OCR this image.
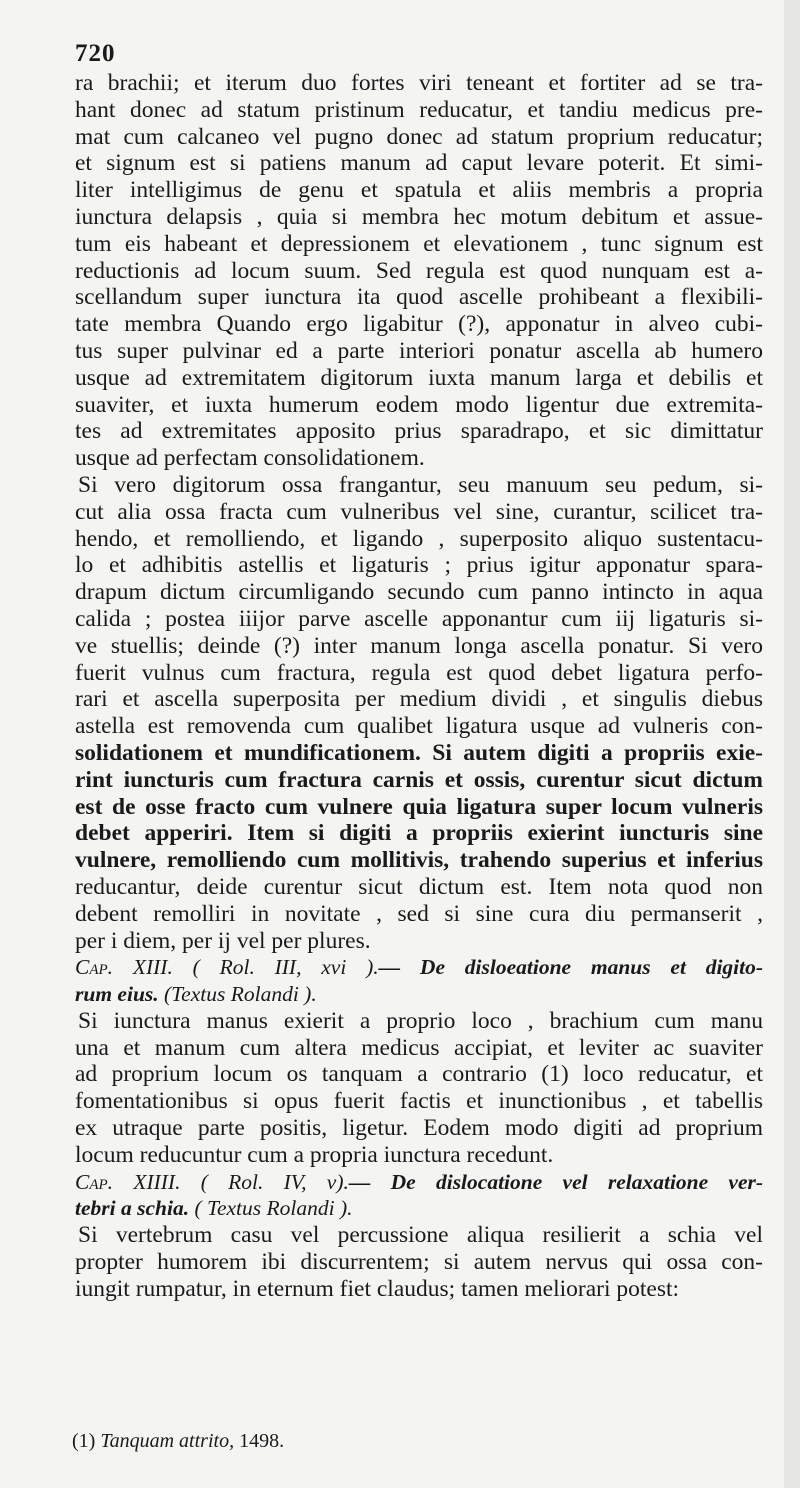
720
ra brachii; et iterum duo fortes viri teneant et fortiter ad se tra-
hant donec ad statum pristinum reducatur, et tandiu medicus pre-
mat cum calcaneo vel pugno donec ad statum proprium reducatur;
et signum est si patiens manum ad caput levare poterit. Et simi-
liter intelligimus de genu et spatula et aliis membris a propria
iunctura delapsis , quia si membra hec motum debitum et assue-
tum eis habeant et depressionem et elevationem , tunc signum est
reductionis ad locum suum. Sed regula est quod nunquam est a-
scellandum super iunctura ita quod ascelle prohibeant a flexibili-
tate membra Quando ergo ligabitur (?), apponatur in alveo cubi-
tus super pulvinar ed a parte interiori ponatur ascella ab humero
usque ad extremitatem digitorum iuxta manum larga et debilis et
suaviter, et iuxta humerum eodem modo ligentur due extremita-
tes ad extremitates apposito prius sparadrapo, et sic dimittatur
usque ad perfectam consolidationem.
Si vero digitorum ossa frangantur, seu manuum seu pedum, si-
cut alia ossa fracta cum vulneribus vel sine, curantur, scilicet tra-
hendo, et remolliendo, et ligando , superposito aliquo sustentacu-
lo et adhibitis astellis et ligaturis ; prius igitur apponatur spara-
drapum dictum circumligando secundo cum panno intincto in aqua
calida ; postea iiijor parve ascelle apponantur cum iij ligaturis si-
ve stuellis; deinde (?) inter manum longa ascella ponatur. Si vero
fuerit vulnus cum fractura, regula est quod debet ligatura perfo-
rari et ascella superposita per medium dividi , et singulis diebus
astella est removenda cum qualibet ligatura usque ad vulneris con-
solidationem et mundificationem. Si autem digiti a propriis exie-
rint iuncturis cum fractura carnis et ossis, curentur sicut dictum
est de osse fracto cum vulnere quia ligatura super locum vulneris
debet apperiri. Item si digiti a propriis exierint iuncturis sine
vulnere, remolliendo cum mollitivis, trahendo superius et inferius
reducantur, deide curentur sicut dictum est. Item nota quod non
debent remolliri in novitate , sed si sine cura diu permanserit ,
per i diem, per ij vel per plures.
Cap. XIII. ( Rol. III, xvi ).— De disloeatione manus et digito-
rum eius. (Textus Rolandi ).
Si iunctura manus exierit a proprio loco , brachium cum manu
una et manum cum altera medicus accipiat, et leviter ac suaviter
ad proprium locum os tanquam a contrario (1) loco reducatur, et
fomentationibus si opus fuerit factis et inunctionibus , et tabellis
ex utraque parte positis, ligetur. Eodem modo digiti ad proprium
locum reducuntur cum a propria iunctura recedunt.
Cap. XIIII. ( Rol. IV, v).— De dislocatione vel relaxatione ver-
tebri a schia. ( Textus Rolandi ).
Si vertebrum casu vel percussione aliqua resilierit a schia vel
propter humorem ibi discurrentem; si autem nervus qui ossa con-
iungit rumpatur, in eternum fiet claudus; tamen meliorari potest:
(1) Tanquam attrito, 1498.
